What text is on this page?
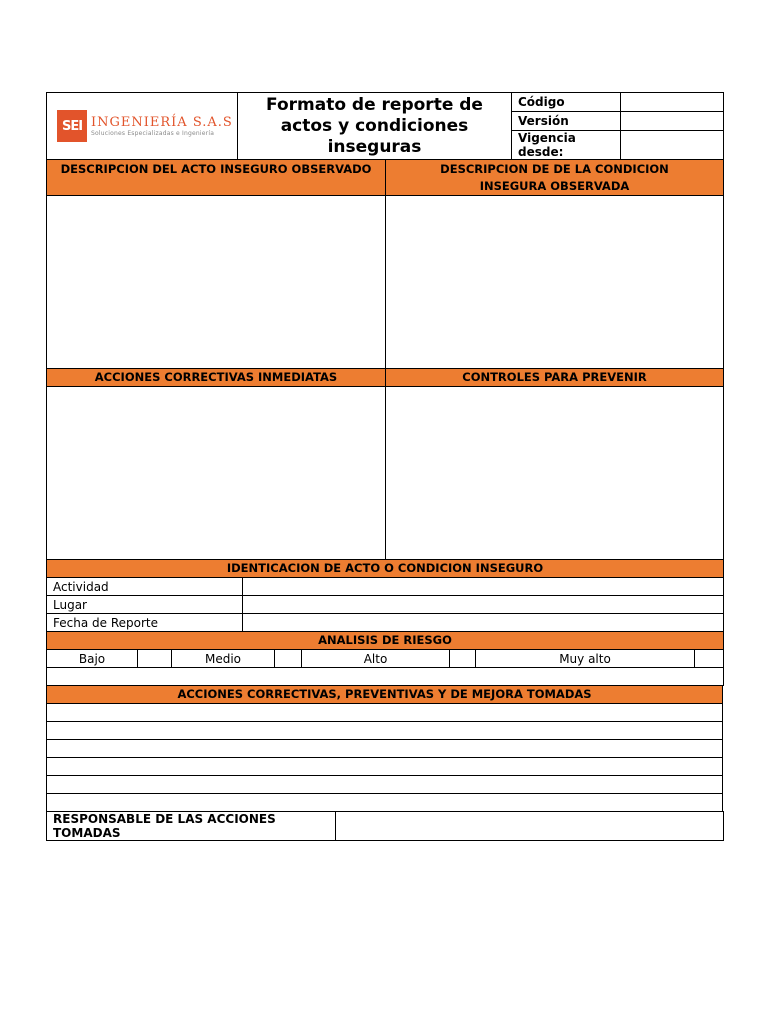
SEI INGENIERÍA S.A.S
Soluciones Especializadas e Ingeniería	Formato de reporte de actos y condiciones inseguras	Código	
		Versión	
		Vigencia desde:	
DESCRIPCION DEL ACTO INSEGURO OBSERVADO	DESCRIPCION DE DE LA CONDICION INSEGURA OBSERVADA

ACCIONES CORRECTIVAS INMEDIATAS	CONTROLES PARA PREVENIR

IDENTICACION DE ACTO O CONDICION INSEGURO	
Actividad	
Lugar	
Fecha de Reporte	
ANALISIS DE RIESGO
Bajo		Medio		Alto		Muy alto	

ACCIONES CORRECTIVAS, PREVENTIVAS Y DE MEJORA TOMADAS

RESPONSABLE DE LAS ACCIONES TOMADAS	
